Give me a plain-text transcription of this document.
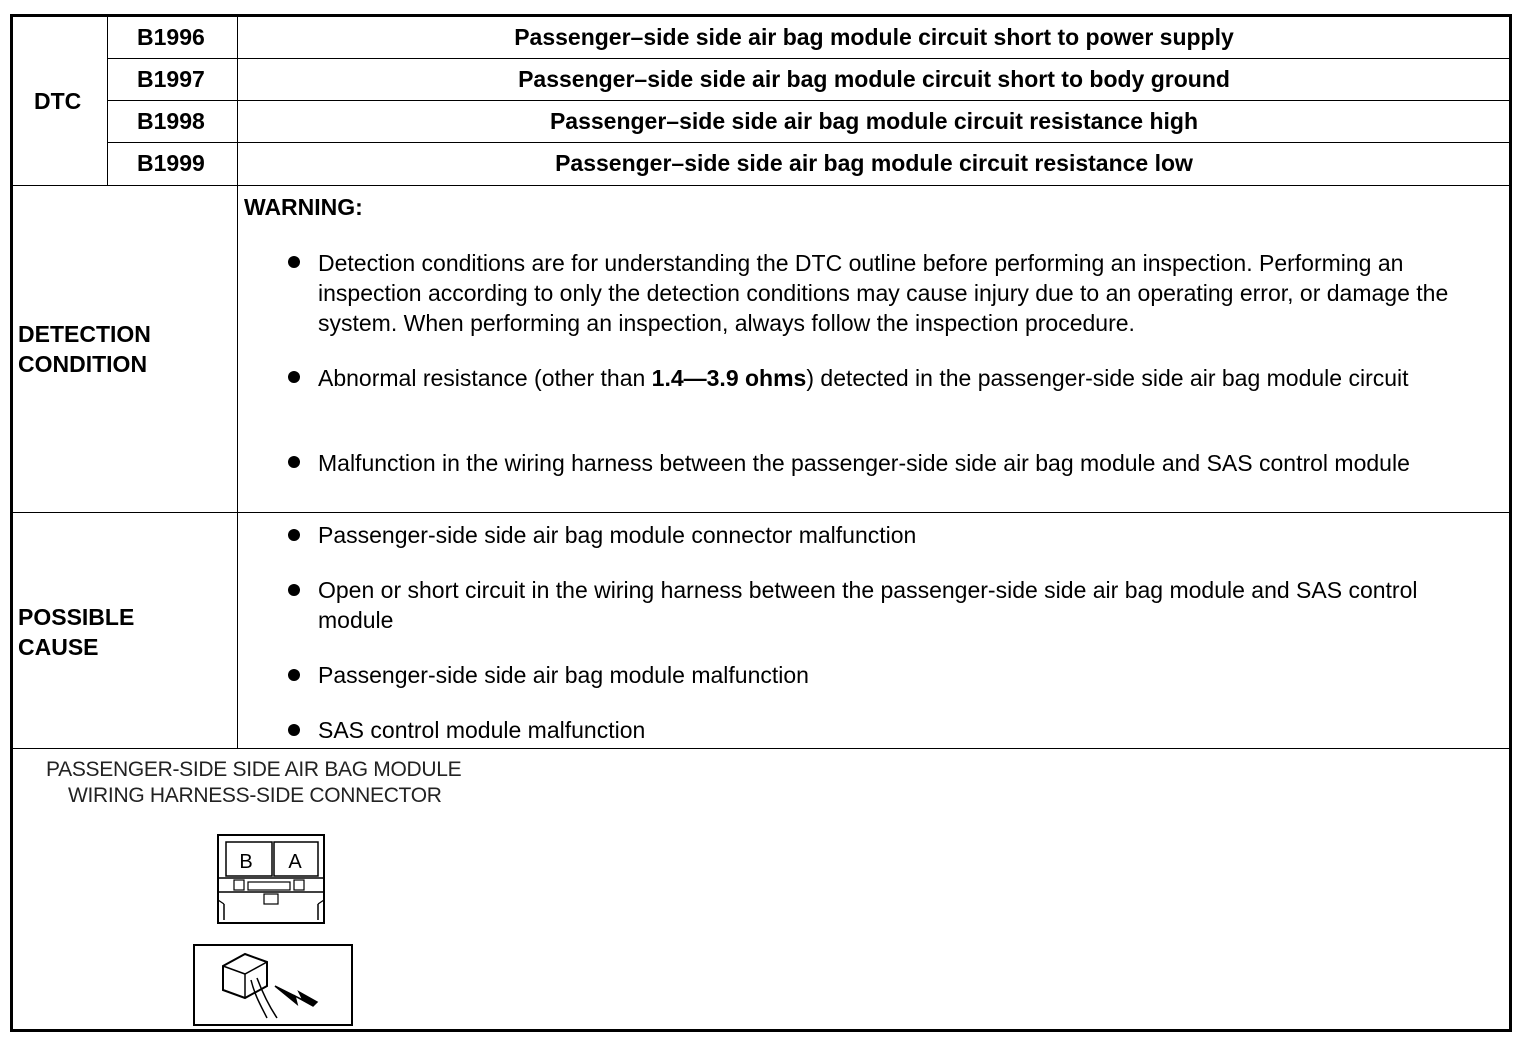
DTC
B1996
B1997
B1998
B1999
Passenger–side side air bag module circuit short to power supply
Passenger–side side air bag module circuit short to body ground
Passenger–side side air bag module circuit resistance high
Passenger–side side air bag module circuit resistance low
DETECTION CONDITION
WARNING:
Detection conditions are for understanding the DTC outline before performing an inspection. Performing an inspection according to only the detection conditions may cause injury due to an operating error, or damage the system. When performing an inspection, always follow the inspection procedure.
Abnormal resistance (other than 1.4—3.9 ohms) detected in the passenger-side side air bag module circuit
Malfunction in the wiring harness between the passenger-side side air bag module and SAS control module
POSSIBLE CAUSE
Passenger-side side air bag module connector malfunction
Open or short circuit in the wiring harness between the passenger-side side air bag module and SAS control module
Passenger-side side air bag module malfunction
SAS control module malfunction
PASSENGER-SIDE SIDE AIR BAG MODULE
WIRING HARNESS-SIDE CONNECTOR
B A
